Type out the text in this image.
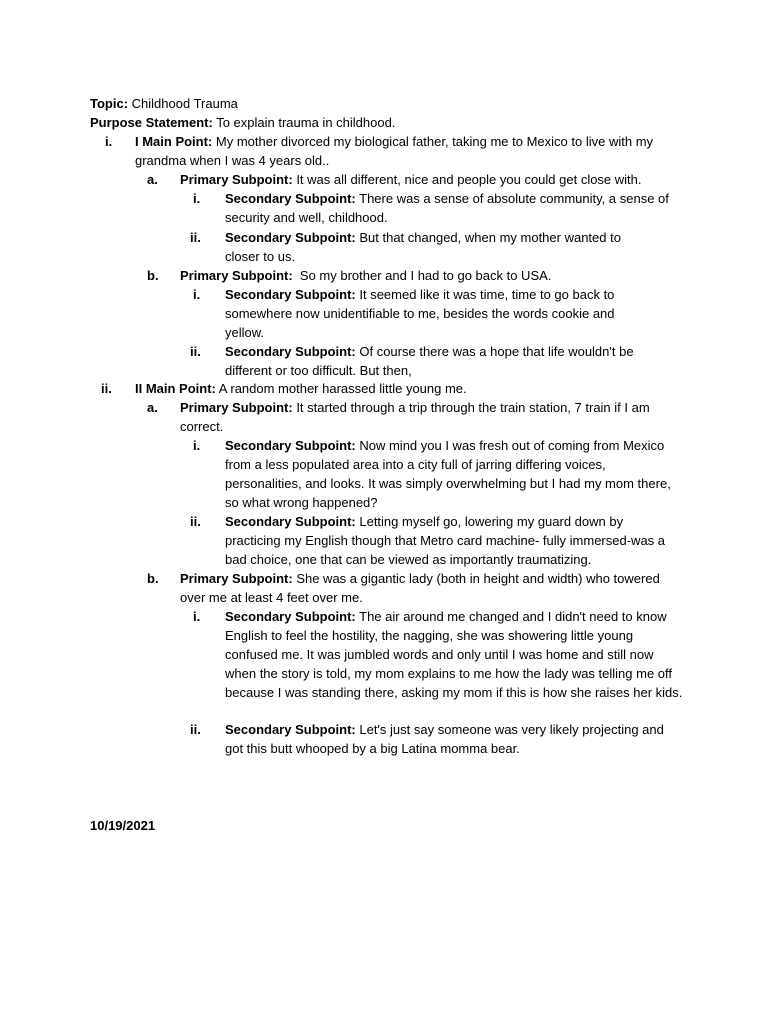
Topic: Childhood Trauma
Purpose Statement: To explain trauma in childhood.
i. I Main Point: My mother divorced my biological father, taking me to Mexico to live with my grandma when I was 4 years old..
a. Primary Subpoint: It was all different, nice and people you could get close with.
i. Secondary Subpoint: There was a sense of absolute community, a sense of security and well, childhood.
ii. Secondary Subpoint: But that changed, when my mother wanted to closer to us.
b. Primary Subpoint:  So my brother and I had to go back to USA.
i. Secondary Subpoint: It seemed like it was time, time to go back to somewhere now unidentifiable to me, besides the words cookie and yellow.
ii. Secondary Subpoint: Of course there was a hope that life wouldn't be different or too difficult. But then,
ii. II Main Point: A random mother harassed little young me.
a. Primary Subpoint: It started through a trip through the train station, 7 train if I am correct.
i. Secondary Subpoint: Now mind you I was fresh out of coming from Mexico from a less populated area into a city full of jarring differing voices, personalities, and looks. It was simply overwhelming but I had my mom there, so what wrong happened?
ii. Secondary Subpoint: Letting myself go, lowering my guard down by practicing my English though that Metro card machine- fully immersed-was a bad choice, one that can be viewed as importantly traumatizing.
b. Primary Subpoint: She was a gigantic lady (both in height and width) who towered over me at least 4 feet over me.
i. Secondary Subpoint: The air around me changed and I didn't need to know English to feel the hostility, the nagging, she was showering little young confused me. It was jumbled words and only until I was home and still now when the story is told, my mom explains to me how the lady was telling me off because I was standing there, asking my mom if this is how she raises her kids.
ii. Secondary Subpoint: Let's just say someone was very likely projecting and got this butt whooped by a big Latina momma bear.
10/19/2021
